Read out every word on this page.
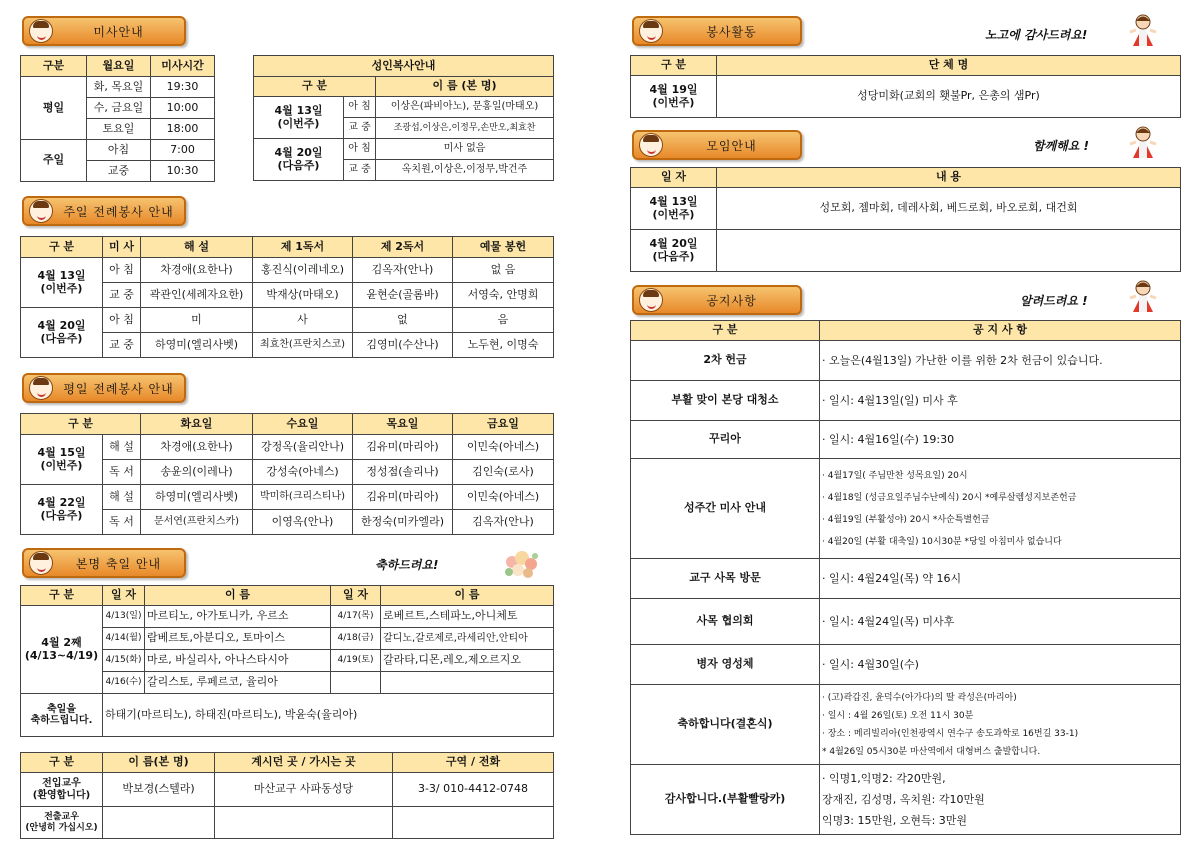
미사안내
구분	월요일	미사시간
평일	화, 목요일	19:30
	수, 금요일	10:00
	토요일	18:00
주일	아침	7:00
	교중	10:30
성인복사안내		
구 분		이 름 (본 명)

4월 13일
(이번주)	아 침	이상은(파비아노), 문홍일(마태오)
	교 중	조광섭,이상은,이정무,손만오,최효찬

4월 20일
(다음주)	아 침	미사 없음
	교 중	옥치원,이상은,이정무,박건주
주일 전례봉사 안내
구 분	미 사	해 설	제 1독서	제 2독서	예물 봉헌

4월 13일
(이번주)	아 침	차경애(요한나)	홍진식(이레네오)	김옥자(안나)	없 음
	교 중	곽관인(세례자요한)	박재상(마태오)	윤현순(골롬바)	서영숙, 안명희

4월 20일
(다음주)	아 침	미	사	없	음
	교 중	하영미(엘리사벳)	최효찬(프란치스코)	김영미(수산나)	노두현, 이명숙
평일 전례봉사 안내
구 분		화요일	수요일	목요일	금요일

4월 15일
(이번주)	해 설	차경애(요한나)	강정옥(율리안나)	김유미(마리아)	이민숙(아네스)
	독 서	송윤의(이레나)	강성숙(아네스)	정성점(솔리나)	김인숙(로사)

4월 22일
(다음주)	해 설	하영미(엘리사벳)	박미하(크리스티나)	김유미(마리아)	이민숙(아네스)
	독 서	문서연(프란치스카)	이영옥(안나)	한정숙(미카엘라)	김옥자(안나)
본명 축일 안내	축하드려요!
구 분	일 자	이 름	일 자	이 름

4월 2째
(4/13~4/19)	4/13(일)	마르티노, 아가토니카, 우르소	4/17(목)	로베르트,스테파노,아니체토
	4/14(월)	람베르토,아분디오, 토마이스	4/18(금)	갈디노,갈로제로,라세리안,안티아
	4/15(화)	마로, 바실리사, 아나스타시아	4/19(토)	갈라타,디몬,레오,제오르지오
	4/16(수)	갈리스토, 루페르코, 율리아		

축일을
축하드립니다.	하태기(마르티노), 하태진(마르티노), 박윤숙(율리아)			
구 분	이 름(본 명)	계시던 곳 / 가시는 곳	구역 / 전화

전입교우
(환영합니다)	박보경(스텔라)	마산교구 사파동성당	3-3/ 010-4412-0748

전출교우
(안녕히 가십시오)			

봉사활동	노고에 감사드려요!
구 분	단 체 명

4월 19일
(이번주)	성당미화(교회의 횃불Pr, 은총의 샘Pr)
모임안내	함께해요 !
일 자	내 용

4월 13일
(이번주)	성모회, 젬마회, 데레사회, 베드로회, 바오로회, 대건회

4월 20일
(다음주)	

공지사항	알려드려요 !
구 분	공 지 사 항
2차 헌금	· 오늘은(4월13일) 가난한 이를 위한 2차 헌금이 있습니다.

부활 맞이 본당 대청소	· 일시: 4월13일(일) 미사 후

꾸리아	· 일시: 4월16일(수) 19:30

성주간 미사 안내	· 4월17일( 주님만찬 성목요일) 20시
· 4월18일 (성금요일주님수난예식) 20시 *예루살렘성지보존헌금
· 4월19일 (부활성야) 20시 *사순특별헌금
· 4월20일 (부활 대축일) 10시30분 *당일 아침미사 없습니다

교구 사목 방문	· 일시: 4월24일(목) 약 16시

사목 협의회	· 일시: 4월24일(목) 미사후

병자 영성체	· 일시: 4월30일(수)

축하합니다(결혼식)	· (고)곽갑진, 윤덕수(아가다)의 딸 곽성은(마리아)
· 일시 : 4월 26일(토) 오전 11시 30분
· 장소 : 메리빌리아(인천광역시 연수구 송도과학로 16번길 33-1)
* 4월26일 05시30분 마산역에서 대형버스 출발합니다.

감사합니다.(부활빨랑카)	· 익명1,익명2: 각20만원,
장재진, 김성명, 옥치원: 각10만원
익명3: 15만원, 오현득: 3만원
